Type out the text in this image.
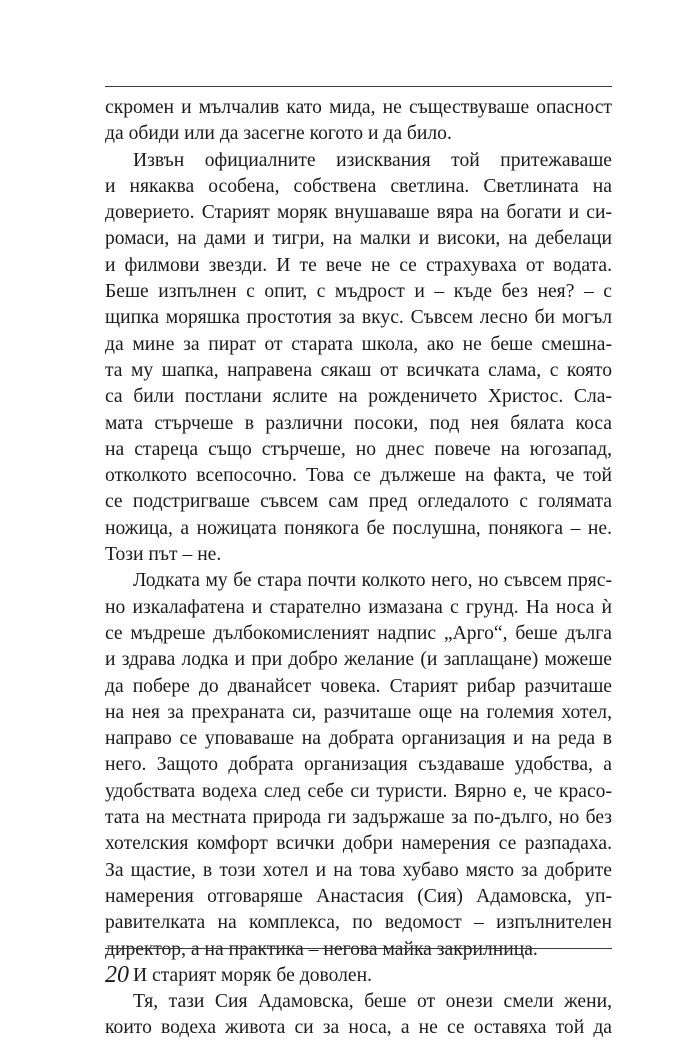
скромен и мълчалив като мида, не съществуваше опасност
да обиди или да засегне когото и да било.
Извън официалните изисквания той притежаваше
и някаква особена, собствена светлина. Светлината на
доверието. Старият моряк внушаваше вяра на богати и си-
ромаси, на дами и тигри, на малки и високи, на дебелаци
и филмови звезди. И те вече не се страхуваха от водата.
Беше изпълнен с опит, с мъдрост и – къде без нея? – с
щипка моряшка простотия за вкус. Съвсем лесно би могъл
да мине за пират от старата школа, ако не беше смешна-
та му шапка, направена сякаш от всичката слама, с която
са били постлани яслите на рожденичето Христос. Сла-
мата стърчеше в различни посоки, под нея бялата коса
на стареца също стърчеше, но днес повече на югозапад,
отколкото всепосочно. Това се дължеше на факта, че той
се подстригваше съвсем сам пред огледалото с голямата
ножица, а ножицата понякога бе послушна, понякога – не.
Този път – не.
Лодката му бе стара почти колкото него, но съвсем пряс-
но изкалафатена и старателно измазана с грунд. На носа ѝ
се мъдреше дълбокомисленият надпис „Арго“, беше дълга
и здрава лодка и при добро желание (и заплащане) можеше
да побере до дванайсет човека. Старият рибар разчиташе
на нея за прехраната си, разчиташе още на големия хотел,
направо се уповаваше на добрата организация и на реда в
него. Защото добрата организация създаваше удобства, а
удобствата водеха след себе си туристи. Вярно е, че красо-
тата на местната природа ги задържаше за по-дълго, но без
хотелския комфорт всички добри намерения се разпадаха.
За щастие, в този хотел и на това хубаво място за добрите
намерения отговаряше Анастасия (Сия) Адамовска, уп-
равителката на комплекса, по ведомост – изпълнителен
директор, а на практика – негова майка закрилница.
И старият моряк бе доволен.
Тя, тази Сия Адамовска, беше от онези смели жени,
които водеха живота си за носа, а не се оставяха той да
20
